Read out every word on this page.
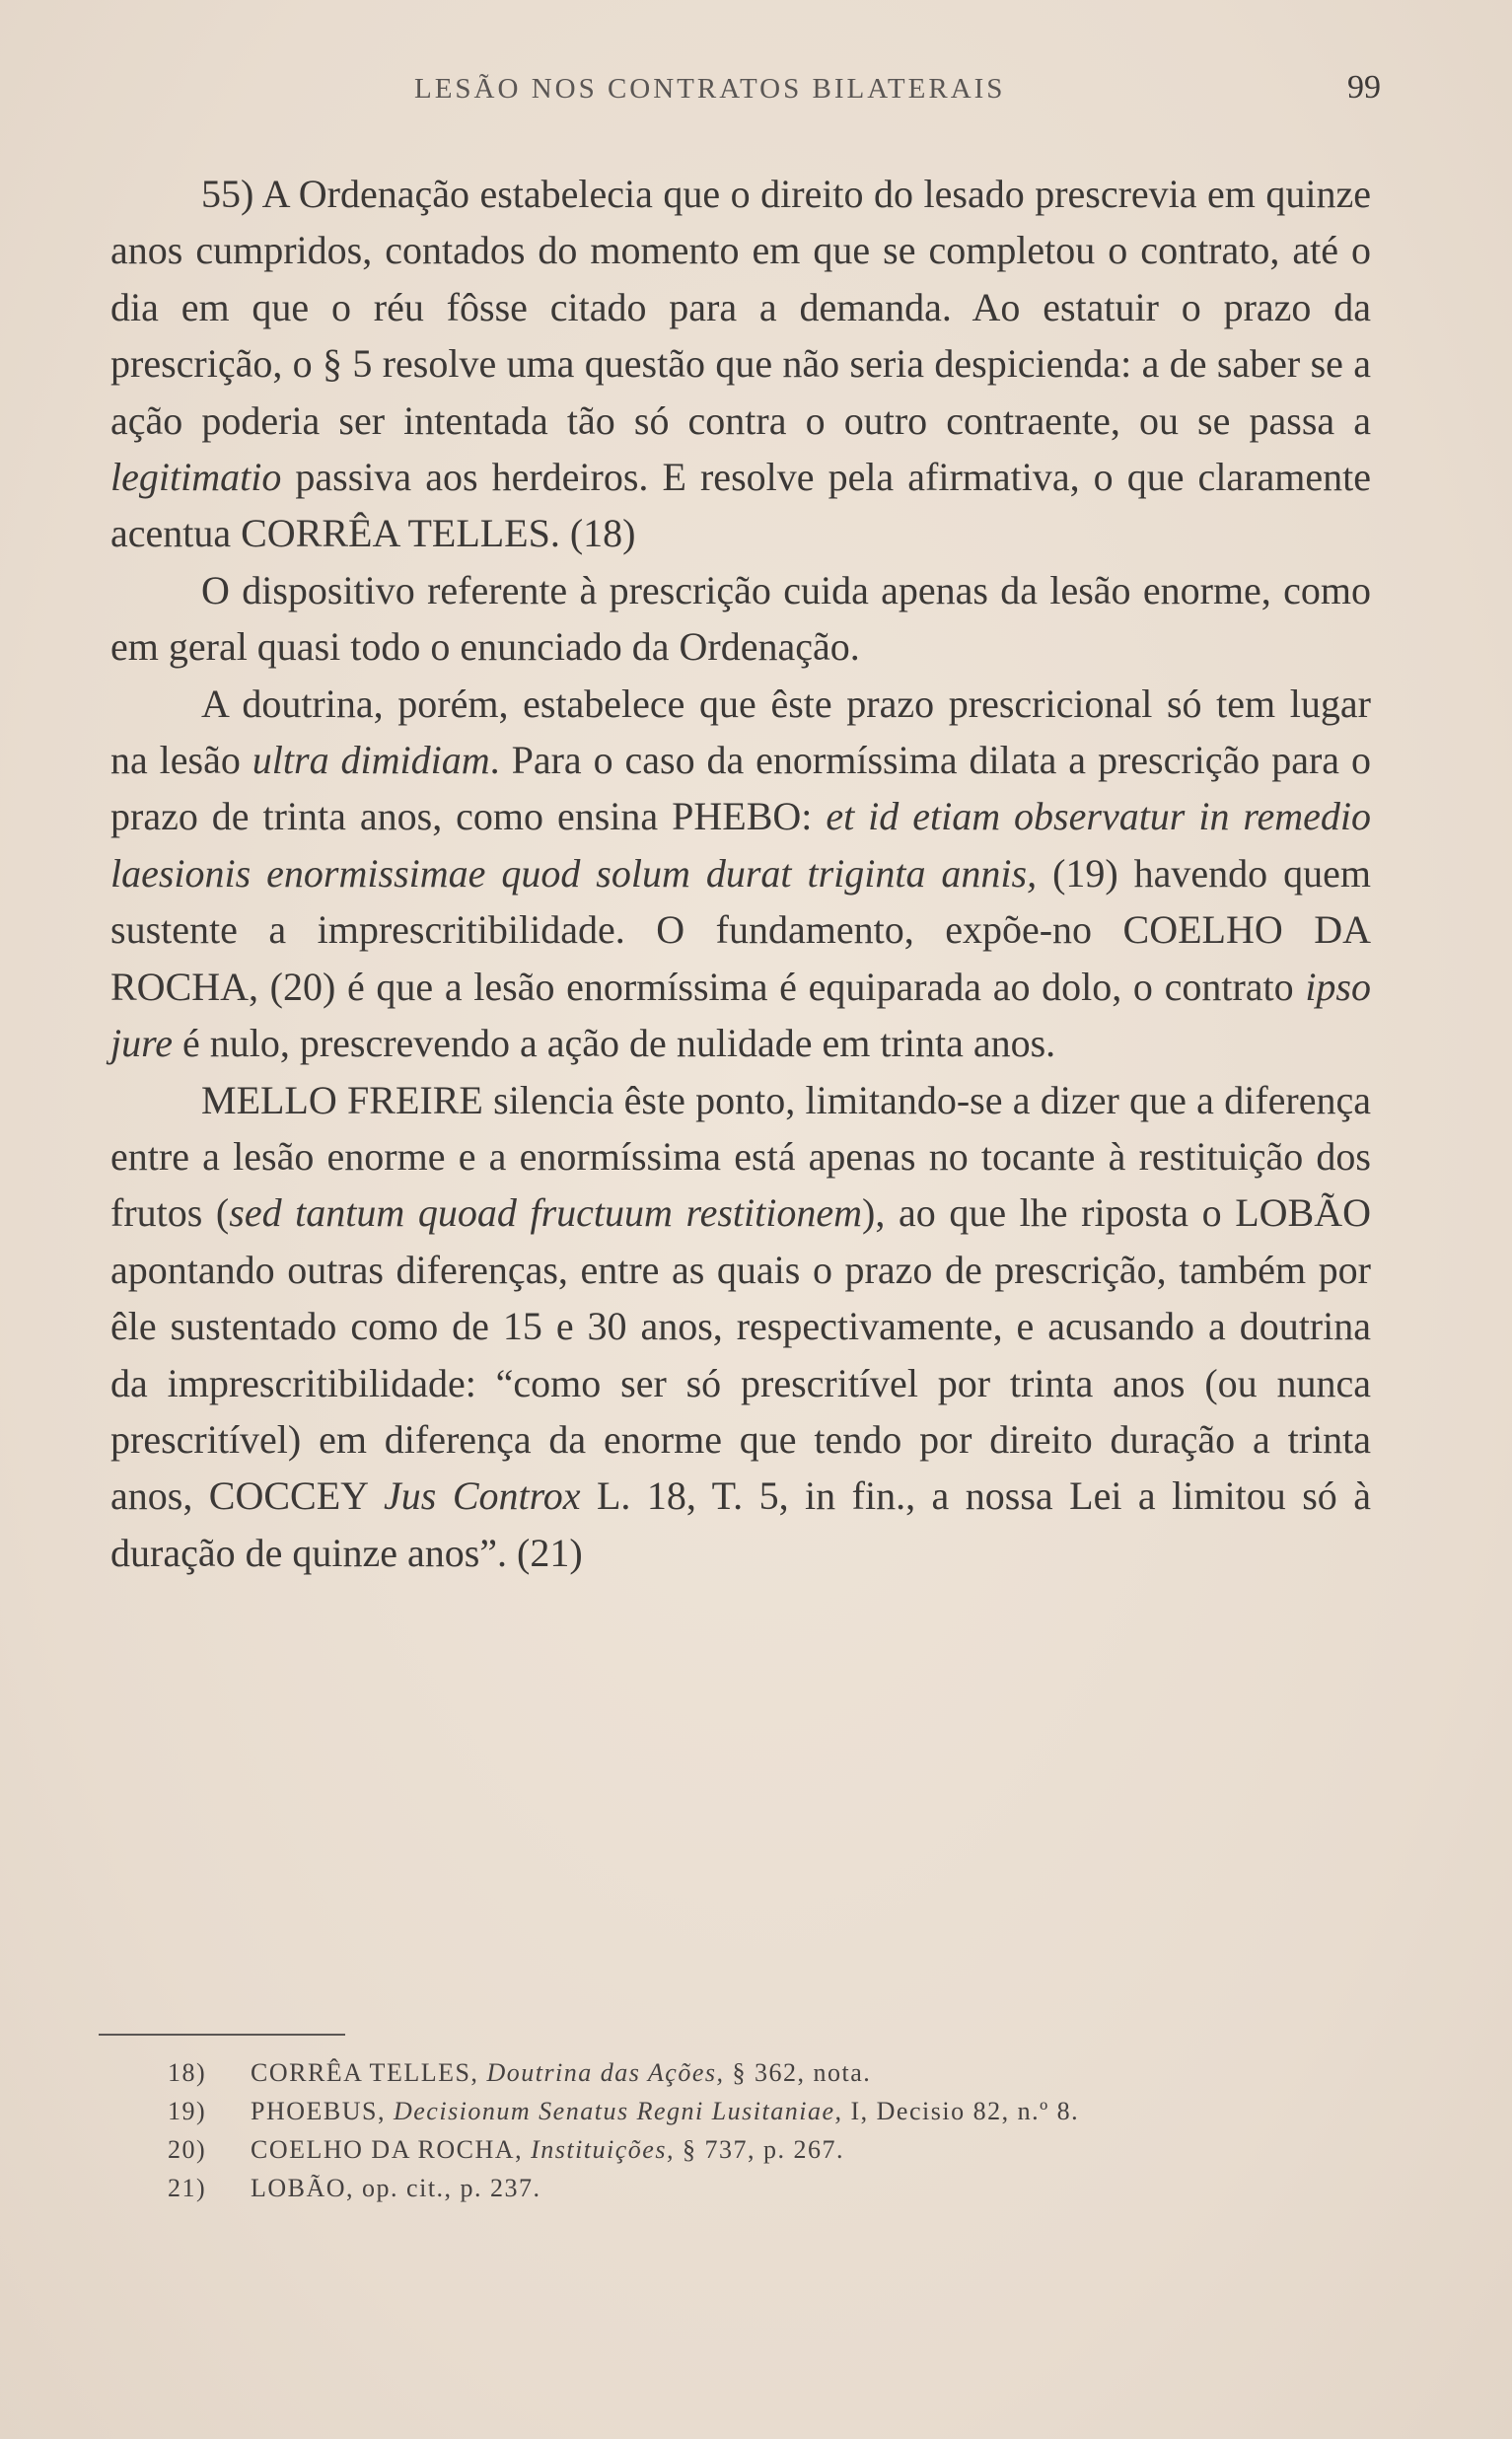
LESÃO NOS CONTRATOS BILATERAIS	99

55) A Ordenação estabelecia que o direito do lesado prescrevia em quinze anos cumpridos, contados do momento em que se completou o contrato, até o dia em que o réu fôsse citado para a demanda. Ao estatuir o prazo da prescrição, o § 5 resolve uma questão que não seria despicienda: a de saber se a ação poderia ser intentada tão só contra o outro contraente, ou se passa a legitimatio passiva aos herdeiros. E resolve pela afirmativa, o que claramente acentua CORRÊA TELLES. (18)

O dispositivo referente à prescrição cuida apenas da lesão enorme, como em geral quasi todo o enunciado da Ordenação.

A doutrina, porém, estabelece que êste prazo prescricional só tem lugar na lesão ultra dimidiam. Para o caso da enormíssima dilata a prescrição para o prazo de trinta anos, como ensina PHEBO: et id etiam observatur in remedio laesionis enormissimae quod solum durat triginta annis, (19) havendo quem sustente a imprescritibilidade. O fundamento, expõe-no COELHO DA ROCHA, (20) é que a lesão enormíssima é equiparada ao dolo, o contrato ipso jure é nulo, prescrevendo a ação de nulidade em trinta anos.

MELLO FREIRE silencia êste ponto, limitando-se a dizer que a diferença entre a lesão enorme e a enormíssima está apenas no tocante à restituição dos frutos (sed tantum quoad fructuum restitionem), ao que lhe riposta o LOBÃO apontando outras diferenças, entre as quais o prazo de prescrição, também por êle sustentado como de 15 e 30 anos, respectivamente, e acusando a doutrina da imprescritibilidade: “como ser só prescritível por trinta anos (ou nunca prescritível) em diferença da enorme que tendo por direito duração a trinta anos, COCCEY Jus Controx L. 18, T. 5, in fin., a nossa Lei a limitou só à duração de quinze anos”. (21)

18) CORRÊA TELLES, Doutrina das Ações, § 362, nota.
19) PHOEBUS, Decisionum Senatus Regni Lusitaniae, I, Decisio 82, n.º 8.
20) COELHO DA ROCHA, Instituições, § 737, p. 267.
21) LOBÃO, op. cit., p. 237.
